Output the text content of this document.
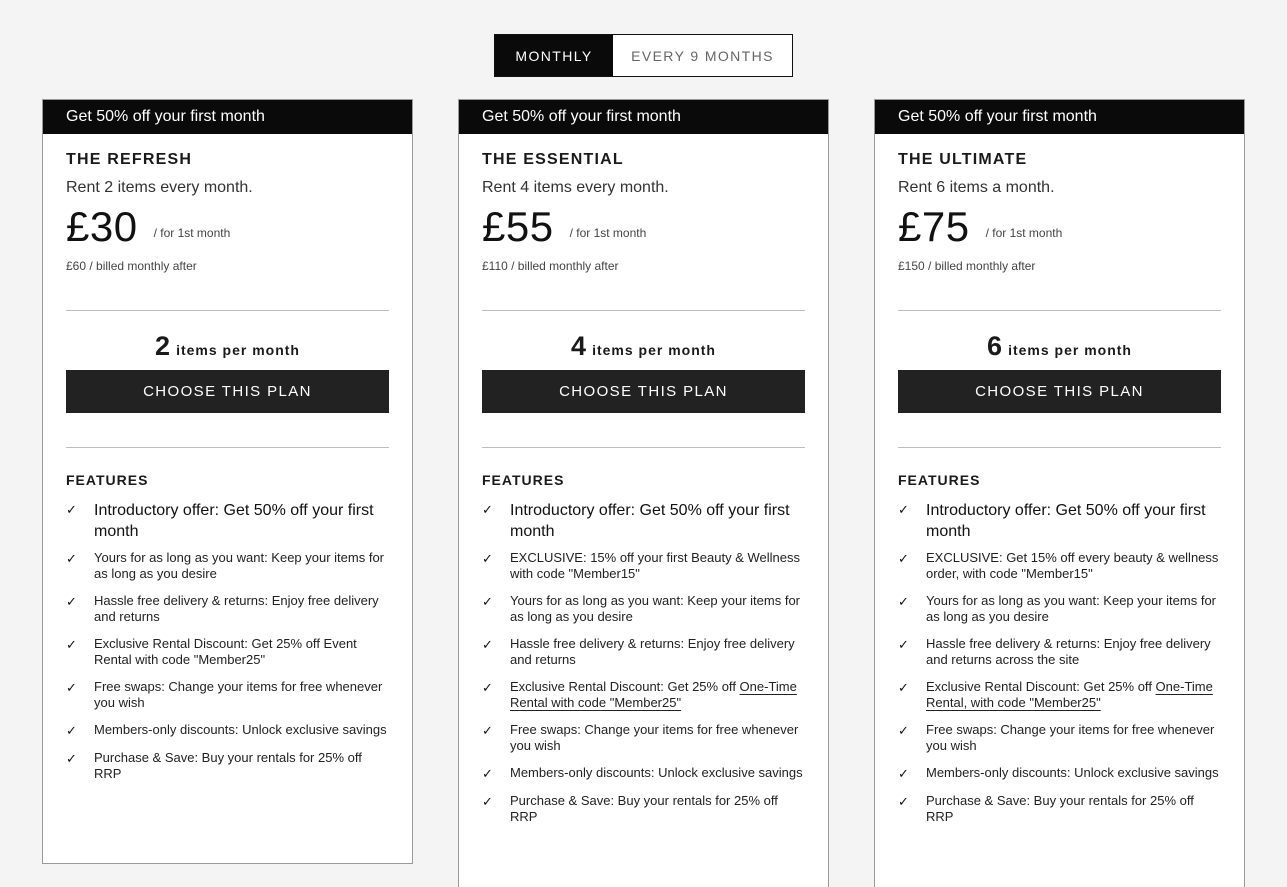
MONTHLY	EVERY 9 MONTHS
Get 50% off your first month
THE REFRESH
Rent 2 items every month.
£30 / for 1st month
£60 / billed monthly after
2 items per month
CHOOSE THIS PLAN
FEATURES
✓	Introductory offer: Get 50% off your first month
✓	Yours for as long as you want: Keep your items for as long as you desire
✓	Hassle free delivery & returns: Enjoy free delivery and returns
✓	Exclusive Rental Discount: Get 25% off Event Rental with code "Member25"
✓	Free swaps: Change your items for free whenever you wish
✓	Members-only discounts: Unlock exclusive savings
✓	Purchase & Save: Buy your rentals for 25% off RRP
Get 50% off your first month
THE ESSENTIAL
Rent 4 items every month.
£55 / for 1st month
£110 / billed monthly after
4 items per month
CHOOSE THIS PLAN
FEATURES
✓	Introductory offer: Get 50% off your first month
✓	EXCLUSIVE: 15% off your first Beauty & Wellness with code "Member15"
✓	Yours for as long as you want: Keep your items for as long as you desire
✓	Hassle free delivery & returns: Enjoy free delivery and returns
✓	Exclusive Rental Discount: Get 25% off One-Time Rental with code "Member25"
✓	Free swaps: Change your items for free whenever you wish
✓	Members-only discounts: Unlock exclusive savings
✓	Purchase & Save: Buy your rentals for 25% off RRP
Get 50% off your first month
THE ULTIMATE
Rent 6 items a month.
£75 / for 1st month
£150 / billed monthly after
6 items per month
CHOOSE THIS PLAN
FEATURES
✓	Introductory offer: Get 50% off your first month
✓	EXCLUSIVE: Get 15% off every beauty & wellness order, with code "Member15"
✓	Yours for as long as you want: Keep your items for as long as you desire
✓	Hassle free delivery & returns: Enjoy free delivery and returns across the site
✓	Exclusive Rental Discount: Get 25% off One-Time Rental, with code "Member25"
✓	Free swaps: Change your items for free whenever you wish
✓	Members-only discounts: Unlock exclusive savings
✓	Purchase & Save: Buy your rentals for 25% off RRP
